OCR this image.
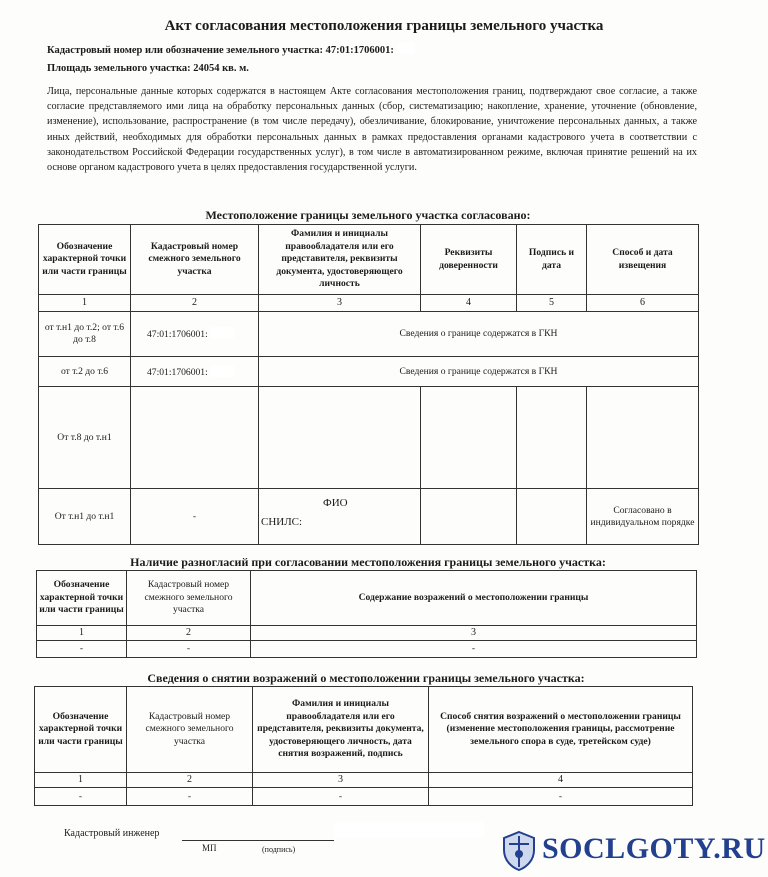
Акт согласования местоположения границы земельного участка
Кадастровый номер или обозначение земельного участка: 47:01:1706001:
Площадь земельного участка: 24054 кв. м.
Лица, персональные данные которых содержатся в настоящем Акте согласования местоположения границ, подтверждают свое согласие, а также согласие представляемого ими лица на обработку персональных данных (сбор, систематизацию; накопление, хранение, уточнение (обновление, изменение), использование, распространение (в том числе передачу), обезличивание, блокирование, уничтожение персональных данных, а также иных действий, необходимых для обработки персональных данных в рамках предоставления органами кадастрового учета в соответствии с законодательством Российской Федерации государственных услуг), в том числе в автоматизированном режиме, включая принятие решений на их основе органом кадастрового учета в целях предоставления государственной услуги.
Местоположение границы земельного участка согласовано:
Обозначение характерной точки или части границы	Кадастровый номер смежного земельного участка	Фамилия и инициалы правообладателя или его представителя, реквизиты документа, удостоверяющего личность	Реквизиты доверенности	Подпись и дата	Способ и дата извещения
1	2	3	4	5	6
от т.н1 до т.2; от т.6 до т.8	47:01:1706001:	Сведения о границе содержатся в ГКН			
от т.2 до т.6	47:01:1706001:	Сведения о границе содержатся в ГКН			
От т.8 до т.н1					
От т.н1 до т.н1	-	ФИО
СНИЛС:			Согласовано в индивидуальном порядке
Наличие разногласий при согласовании местоположения границы земельного участка:
Обозначение характерной точки или части границы	Кадастровый номер смежного земельного участка	Содержание возражений о местоположении границы
1	2	3
-	-	-
Сведения о снятии возражений о местоположении границы земельного участка:
Обозначение характерной точки или части границы	Кадастровый номер смежного земельного участка	Фамилия и инициалы правообладателя или его представителя, реквизиты документа, удостоверяющего личность, дата снятия возражений, подпись	Способ снятия возражений о местоположении границы (изменение местоположения границы, рассмотрение земельного спора в суде, третейском суде)
1	2	3	4
-	-	-	-
Кадастровый инженер
МП	(подпись)	SOCLGOTY.RU
